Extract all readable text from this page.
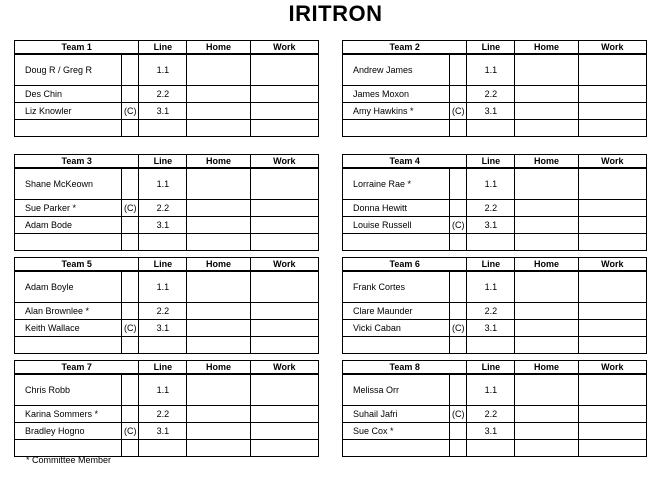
IRITRON
Team 1		Line	Home	Work
Doug R / Greg R		1.1		
Des Chin		2.2		
Liz Knowler	(C)	3.1		

Team 2		Line	Home	Work
Andrew James		1.1		
James Moxon		2.2		
Amy Hawkins *	(C)	3.1		

Team 3		Line	Home	Work
Shane McKeown		1.1		
Sue Parker *	(C)	2.2		
Adam Bode		3.1		

Team 4		Line	Home	Work
Lorraine Rae *		1.1		
Donna Hewitt		2.2		
Louise Russell	(C)	3.1		

Team 5		Line	Home	Work
Adam Boyle		1.1		
Alan Brownlee *		2.2		
Keith Wallace	(C)	3.1		

Team 6		Line	Home	Work
Frank Cortes		1.1		
Clare Maunder		2.2		
Vicki Caban	(C)	3.1		

Team 7		Line	Home	Work
Chris Robb		1.1		
Karina Sommers *		2.2		
Bradley Hogno	(C)	3.1		

Team 8		Line	Home	Work
Melissa Orr		1.1		
Suhail Jafri	(C)	2.2		
Sue Cox *		3.1		

* Committee Member
